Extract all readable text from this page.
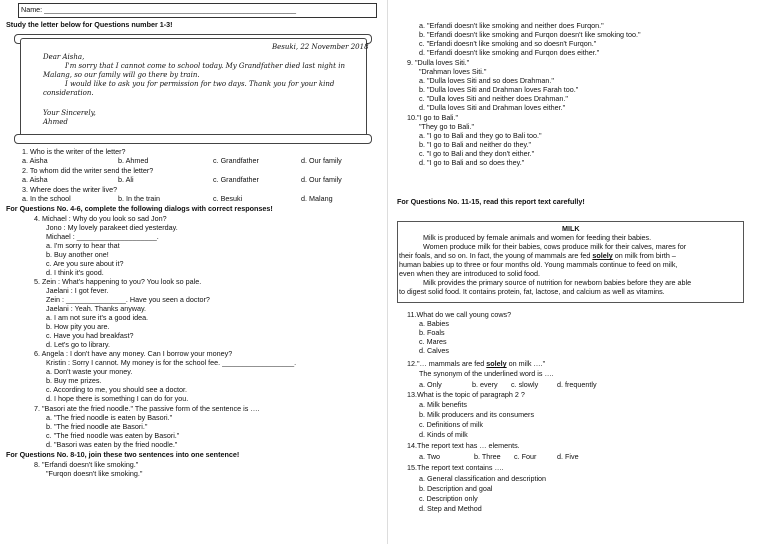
Name: _______________________________________________________________
Study the letter below for Questions number 1-3!
Besuki, 22 November 2018
Dear Aisha,
I'm sorry that I cannot come to school today. My Grandfather died last night in
Malang, so our family will go there by train.
I would like to ask you for permission for two days. Thank you for your kind
consideration.
Your Sincerely,
Ahmed
1. Who is the writer of the letter?
a. Aisha	b. Ahmed	c. Grandfather	d. Our family
2. To whom did the writer send the letter?
a. Aisha	b. Ali	c. Grandfather	d. Our family
3. Where does the writer live?
a. In the school	b. In the train	c. Besuki	d. Malang
For Questions No. 4-6, complete the following dialogs with correct responses!
4. Michael : Why do you look so sad Jon?
Jono : My lovely parakeet died yesterday.
Michael : ____________________.
a. I'm sorry to hear that
b. Buy another one!
c. Are you sure about it?
d. I think it's good.
5. Zein : What's happening to you? You look so pale.
Jaelani : I got fever.
Zein : _______________. Have you seen a doctor?
Jaelani : Yeah. Thanks anyway.
a. I am not sure it's a good idea.
b. How pity you are.
c. Have you had breakfast?
d. Let's go to library.
6. Angela : I don't have any money. Can I borrow your money?
Kristin : Sorry I cannot. My money is for the school fee. __________________.
a. Don't waste your money.
b. Buy me prizes.
c. According to me, you should see a doctor.
d. I hope there is something I can do for you.
7. "Basori ate the fried noodle." The passive form of the sentence is ….
a. "The fried noodle is eaten by Basori."
b. "The fried noodle ate Basori."
c. "The fried noodle was eaten by Basori."
d. "Basori was eaten by the fried noodle."
For Questions No. 8-10, join these two sentences into one sentence!
8. "Erfandi doesn't like smoking."
"Furqon doesn't like smoking."
a. "Erfandi doesn't like smoking and neither does Furqon."
b. "Erfandi doesn't like smoking and Furqon doesn't like smoking too."
c. "Erfandi doesn't like smoking and so doesn't Furqon."
d. "Erfandi doesn't like smoking and Furqon does either."
9. "Dulla loves Siti."
"Drahman loves Siti."
a. "Dulla loves Siti and so does Drahman."
b. "Dulla loves Siti and Drahman loves Farah too."
c. "Dulla loves Siti and neither does Drahman."
d. "Dulla loves Siti and Drahman loves either."
10."I go to Bali."
"They go to Bali."
a. "I go to Bali and they go to Bali too."
b. "I go to Bali and neither do they."
c. "I go to Bali and they don't either."
d. "I go to Bali and so does they."
For Questions No. 11-15, read this report text carefully!
MILK
Milk is produced by female animals and women for feeding their babies.
Women produce milk for their babies, cows produce milk for their calves, mares for
their foals, and so on. In fact, the young of mammals are fed solely on milk from birth –
human babies up to three or four months old. Young mammals continue to feed on milk,
even when they are introduced to solid food.
Milk provides the primary source of nutrition for newborn babies before they are able
to digest solid food. It contains protein, fat, lactose, and calcium as well as vitamins.
11.What do we call young cows?
a. Babies
b. Foals
c. Mares
d. Calves
12."… mammals are fed solely on milk …."
The synonym of the underlined word is ….
a. Only	b. every c. slowly	d. frequently
13.What is the topic of paragraph 2 ?
a. Milk benefits
b. Milk producers and its consumers
c. Definitions of milk
d. Kinds of milk
14.The report text has … elements.
a. Two	b. Three c. Four	d. Five
15.The report text contains ….
a. General classification and description
b. Description and goal
c. Description only
d. Step and Method
